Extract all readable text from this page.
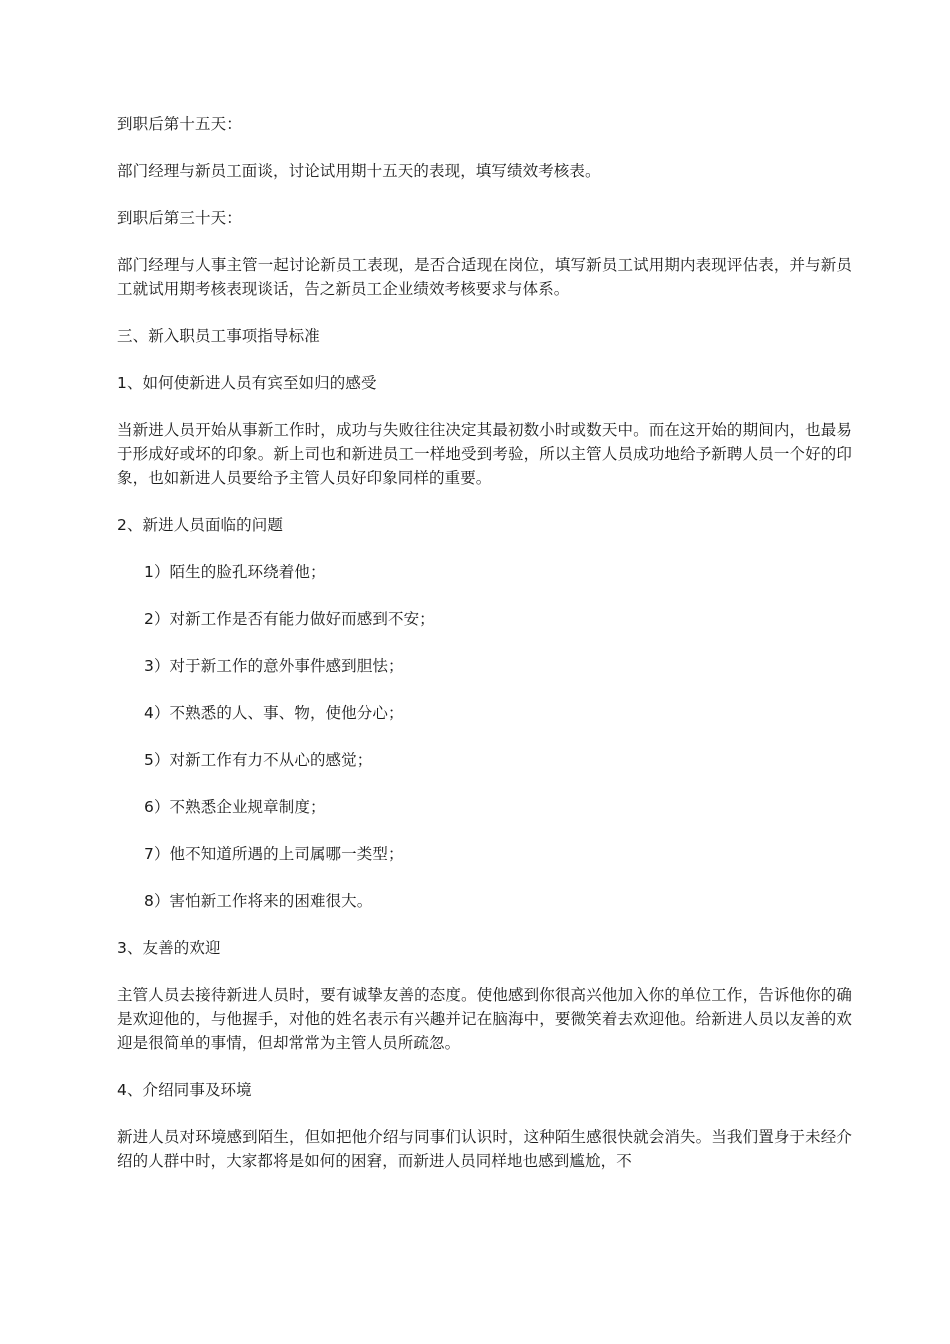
到职后第十五天：

部门经理与新员工面谈，讨论试用期十五天的表现，填写绩效考核表。

到职后第三十天：

部门经理与人事主管一起讨论新员工表现，是否合适现在岗位，填写新员工试用期内表现评估表，并与新员工就试用期考核表现谈话，告之新员工企业绩效考核要求与体系。

三、新入职员工事项指导标准

1、如何使新进人员有宾至如归的感受

当新进人员开始从事新工作时，成功与失败往往决定其最初数小时或数天中。而在这开始的期间内，也最易于形成好或坏的印象。新上司也和新进员工一样地受到考验，所以主管人员成功地给予新聘人员一个好的印象，也如新进人员要给予主管人员好印象同样的重要。

2、新进人员面临的问题

1）陌生的脸孔环绕着他；

2）对新工作是否有能力做好而感到不安；

3）对于新工作的意外事件感到胆怯；

4）不熟悉的人、事、物，使他分心；

5）对新工作有力不从心的感觉；

6）不熟悉企业规章制度；

7）他不知道所遇的上司属哪一类型；

8）害怕新工作将来的困难很大。

3、友善的欢迎

主管人员去接待新进人员时，要有诚挚友善的态度。使他感到你很高兴他加入你的单位工作，告诉他你的确是欢迎他的，与他握手，对他的姓名表示有兴趣并记在脑海中，要微笑着去欢迎他。给新进人员以友善的欢迎是很简单的事情，但却常常为主管人员所疏忽。

4、介绍同事及环境

新进人员对环境感到陌生，但如把他介绍与同事们认识时，这种陌生感很快就会消失。当我们置身于未经介绍的人群中时，大家都将是如何的困窘，而新进人员同样地也感到尴尬，不
